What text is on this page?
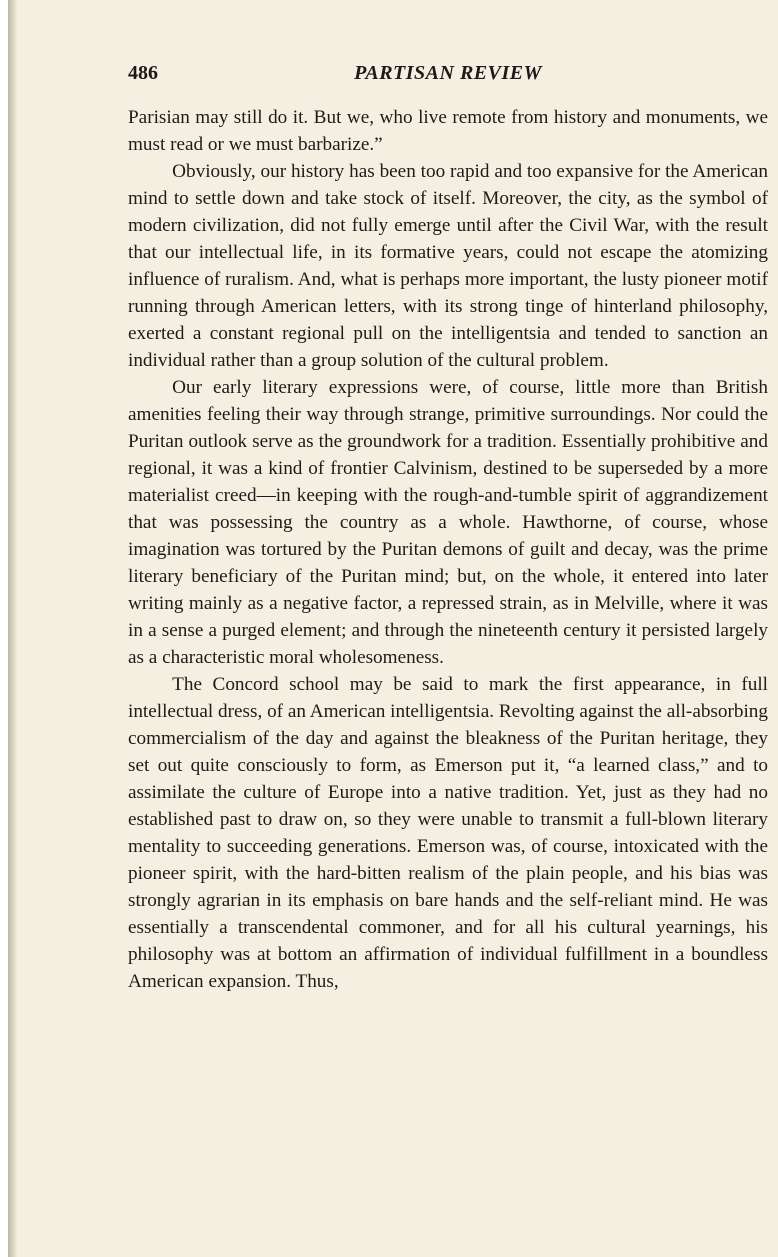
486	PARTISAN REVIEW

Parisian may still do it. But we, who live remote from history and monuments, we must read or we must barbarize.”

Obviously, our history has been too rapid and too expansive for the American mind to settle down and take stock of itself. Moreover, the city, as the symbol of modern civilization, did not fully emerge until after the Civil War, with the result that our intellectual life, in its formative years, could not escape the atomizing influence of ruralism. And, what is perhaps more important, the lusty pioneer motif running through American letters, with its strong tinge of hinterland philosophy, exerted a constant regional pull on the intelligentsia and tended to sanction an individual rather than a group solution of the cultural problem.

Our early literary expressions were, of course, little more than British amenities feeling their way through strange, primitive surroundings. Nor could the Puritan outlook serve as the groundwork for a tradition. Essentially prohibitive and regional, it was a kind of frontier Calvinism, destined to be superseded by a more materialist creed—in keeping with the rough-and-tumble spirit of aggrandizement that was possessing the country as a whole. Hawthorne, of course, whose imagination was tortured by the Puritan demons of guilt and decay, was the prime literary beneficiary of the Puritan mind; but, on the whole, it entered into later writing mainly as a negative factor, a repressed strain, as in Melville, where it was in a sense a purged element; and through the nineteenth century it persisted largely as a characteristic moral wholesomeness.

The Concord school may be said to mark the first appearance, in full intellectual dress, of an American intelligentsia. Revolting against the all-absorbing commercialism of the day and against the bleakness of the Puritan heritage, they set out quite consciously to form, as Emerson put it, “a learned class,” and to assimilate the culture of Europe into a native tradition. Yet, just as they had no established past to draw on, so they were unable to transmit a full-blown literary mentality to succeeding generations. Emerson was, of course, intoxicated with the pioneer spirit, with the hard-bitten realism of the plain people, and his bias was strongly agrarian in its emphasis on bare hands and the self-reliant mind. He was essentially a transcendental commoner, and for all his cultural yearnings, his philosophy was at bottom an affirmation of individual fulfillment in a boundless American expansion. Thus,
